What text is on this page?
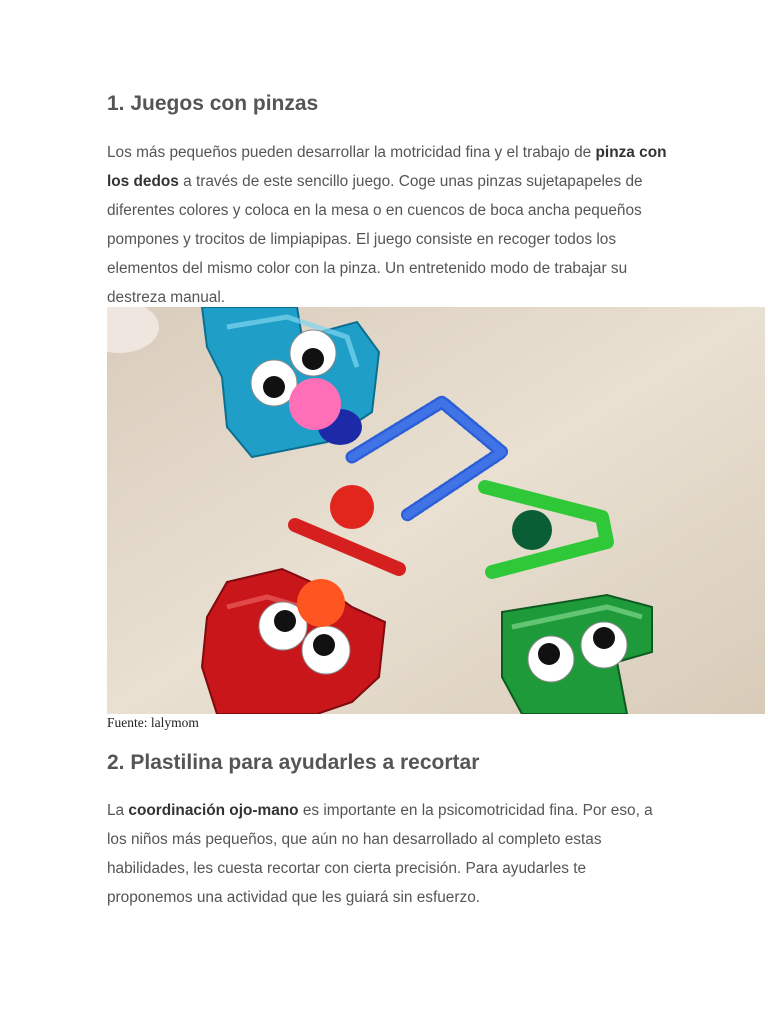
1. Juegos con pinzas

Los más pequeños pueden desarrollar la motricidad fina y el trabajo de pinza con los dedos a través de este sencillo juego. Coge unas pinzas sujetapapeles de diferentes colores y coloca en la mesa o en cuencos de boca ancha pequeños pompones y trocitos de limpiapipas. El juego consiste en recoger todos los elementos del mismo color con la pinza. Un entretenido modo de trabajar su destreza manual.

Fuente: lalymom

2. Plastilina para ayudarles a recortar

La coordinación ojo-mano es importante en la psicomotricidad fina. Por eso, a los niños más pequeños, que aún no han desarrollado al completo estas habilidades, les cuesta recortar con cierta precisión. Para ayudarles te proponemos una actividad que les guiará sin esfuerzo.
